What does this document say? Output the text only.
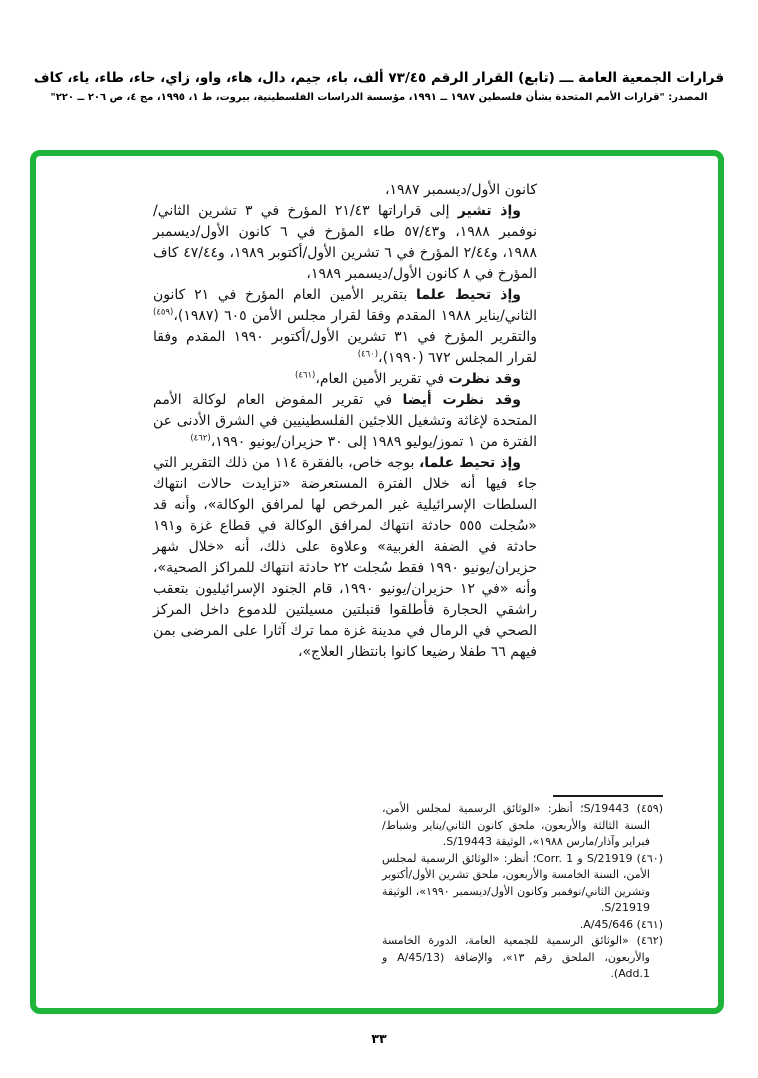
قرارات الجمعية العامة ـــ (تابع) القرار الرقم ٧٣/٤٥ ألف، باء، جيم، دال، هاء، واو، زاي، حاء، طاء، ياء، كاف
المصدر: "قرارات الأمم المتحدة بشأن فلسطين ١٩٨٧ ــ ١٩٩١، مؤسسة الدراسات الفلسطينية، بيروت، ط ١، ١٩٩٥، مج ٤، ص ٢٠٦ ــ ٢٢٠"

كانون الأول/ديسمبر ١٩٨٧،

وإذ تشير إلى قراراتها ٢١/٤٣ المؤرخ في ٣ تشرين الثاني/نوفمبر ١٩٨٨، و٥٧/٤٣ طاء المؤرخ في ٦ كانون الأول/ديسمبر ١٩٨٨، و٢/٤٤ المؤرخ في ٦ تشرين الأول/أكتوبر ١٩٨٩، و٤٧/٤٤ كاف المؤرخ في ٨ كانون الأول/ديسمبر ١٩٨٩،

وإذ تحيط علما بتقرير الأمين العام المؤرخ في ٢١ كانون الثاني/يناير ١٩٨٨ المقدم وفقا لقرار مجلس الأمن ٦٠٥ (١٩٨٧)،$^{(٤٥٩)}$ والتقرير المؤرخ في ٣١ تشرين الأول/أكتوبر ١٩٩٠ المقدم وفقا لقرار المجلس ٦٧٢ (١٩٩٠)،$^{(٤٦٠)}$

وقد نظرت في تقرير الأمين العام،$^{(٤٦١)}$

وقد نظرت أيضا في تقرير المفوض العام لوكالة الأمم المتحدة لإغاثة وتشغيل اللاجئين الفلسطينيين في الشرق الأدنى عن الفترة من ١ تموز/يوليو ١٩٨٩ إلى ٣٠ حزيران/يونيو ١٩٩٠،$^{(٤٦٢)}$

وإذ تحيط علما، بوجه خاص، بالفقرة ١١٤ من ذلك التقرير التي جاء فيها أنه خلال الفترة المستعرضة «تزايدت حالات انتهاك السلطات الإسرائيلية غير المرخص لها لمرافق الوكالة»، وأنه قد «سُجلت ٥٥٥ حادثة انتهاك لمرافق الوكالة في قطاع غزة و١٩١ حادثة في الضفة الغربية» وعلاوة على ذلك، أنه «خلال شهر حزيران/يونيو ١٩٩٠ فقط سُجلت ٢٢ حادثة انتهاك للمراكز الصحية»، وأنه «في ١٢ حزيران/يونيو ١٩٩٠، قام الجنود الإسرائيليون بتعقب راشقي الحجارة فأطلقوا قنبلتين مسيلتين للدموع داخل المركز الصحي في الرمال في مدينة غزة مما ترك آثارا على المرضى بمن فيهم ٦٦ طفلا رضيعا كانوا بانتظار العلاج»،

(٤٥٩) S/19443؛ أنظر: «الوثائق الرسمية لمجلس الأمن، السنة الثالثة والأربعون، ملحق كانون الثاني/يناير وشباط/فبراير وآذار/مارس ١٩٨٨»، الوثيقة S/19443.

(٤٦٠) S/21919 و Corr. 1؛ أنظر: «الوثائق الرسمية لمجلس الأمن، السنة الخامسة والأربعون، ملحق تشرين الأول/أكتوبر وتشرين الثاني/نوفمبر وكانون الأول/ديسمبر ١٩٩٠»، الوثيقة S/21919.

(٤٦١) A/45/646.

(٤٦٢) «الوثائق الرسمية للجمعية العامة، الدورة الخامسة والأربعون، الملحق رقم ١٣»، والإضافة (A/45/13 و Add.1).

٣٣
